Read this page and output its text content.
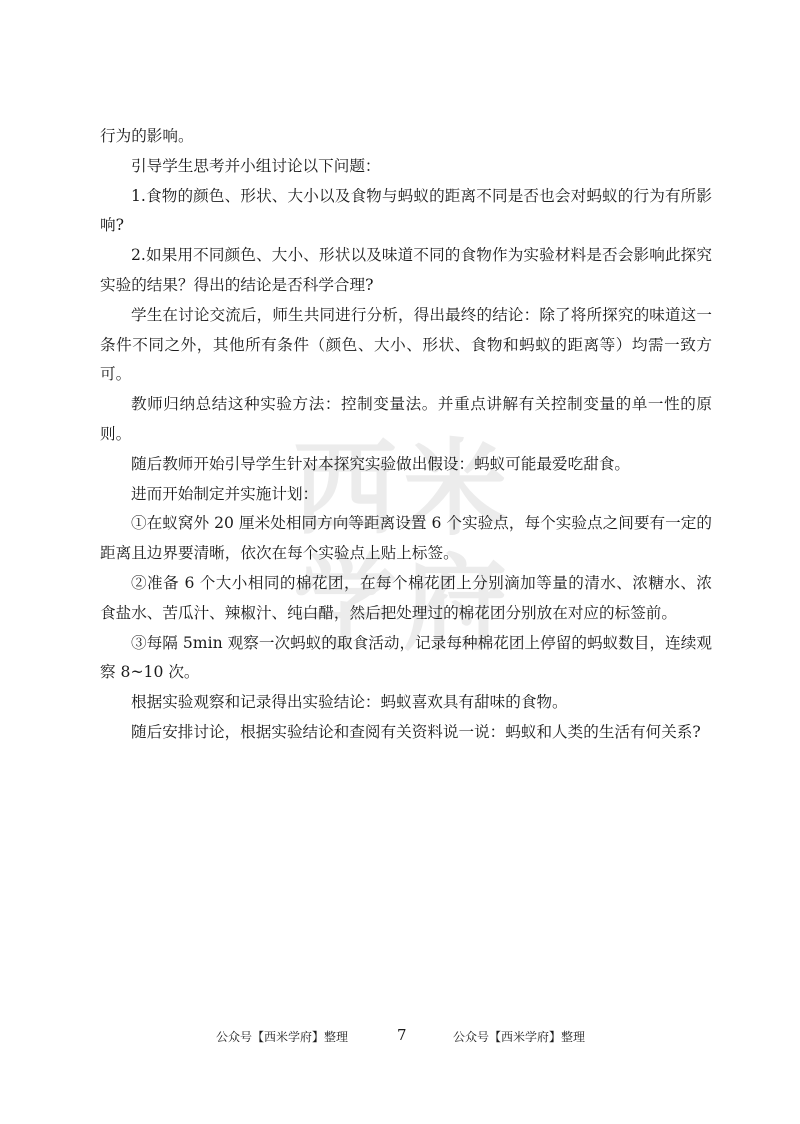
西 米
学 府

行为的影响。

引导学生思考并小组讨论以下问题：

1.食物的颜色、形状、大小以及食物与蚂蚁的距离不同是否也会对蚂蚁的行为有所影响?

2.如果用不同颜色、大小、形状以及味道不同的食物作为实验材料是否会影响此探究实验的结果？得出的结论是否科学合理?

学生在讨论交流后，师生共同进行分析，得出最终的结论：除了将所探究的味道这一条件不同之外，其他所有条件（颜色、大小、形状、食物和蚂蚁的距离等）均需一致方可。

教师归纳总结这种实验方法：控制变量法。并重点讲解有关控制变量的单一性的原则。

随后教师开始引导学生针对本探究实验做出假设：蚂蚁可能最爱吃甜食。

进而开始制定并实施计划：

①在蚁窝外 20 厘米处相同方向等距离设置 6 个实验点，每个实验点之间要有一定的距离且边界要清晰，依次在每个实验点上贴上标签。

②准备 6 个大小相同的棉花团，在每个棉花团上分别滴加等量的清水、浓糖水、浓食盐水、苦瓜汁、辣椒汁、纯白醋，然后把处理过的棉花团分别放在对应的标签前。

③每隔 5min 观察一次蚂蚁的取食活动，记录每种棉花团上停留的蚂蚁数目，连续观察 8~10 次。

根据实验观察和记录得出实验结论：蚂蚁喜欢具有甜味的食物。

随后安排讨论，根据实验结论和查阅有关资料说一说：蚂蚁和人类的生活有何关系?

公众号【西米学府】整理	7	公众号【西米学府】整理
